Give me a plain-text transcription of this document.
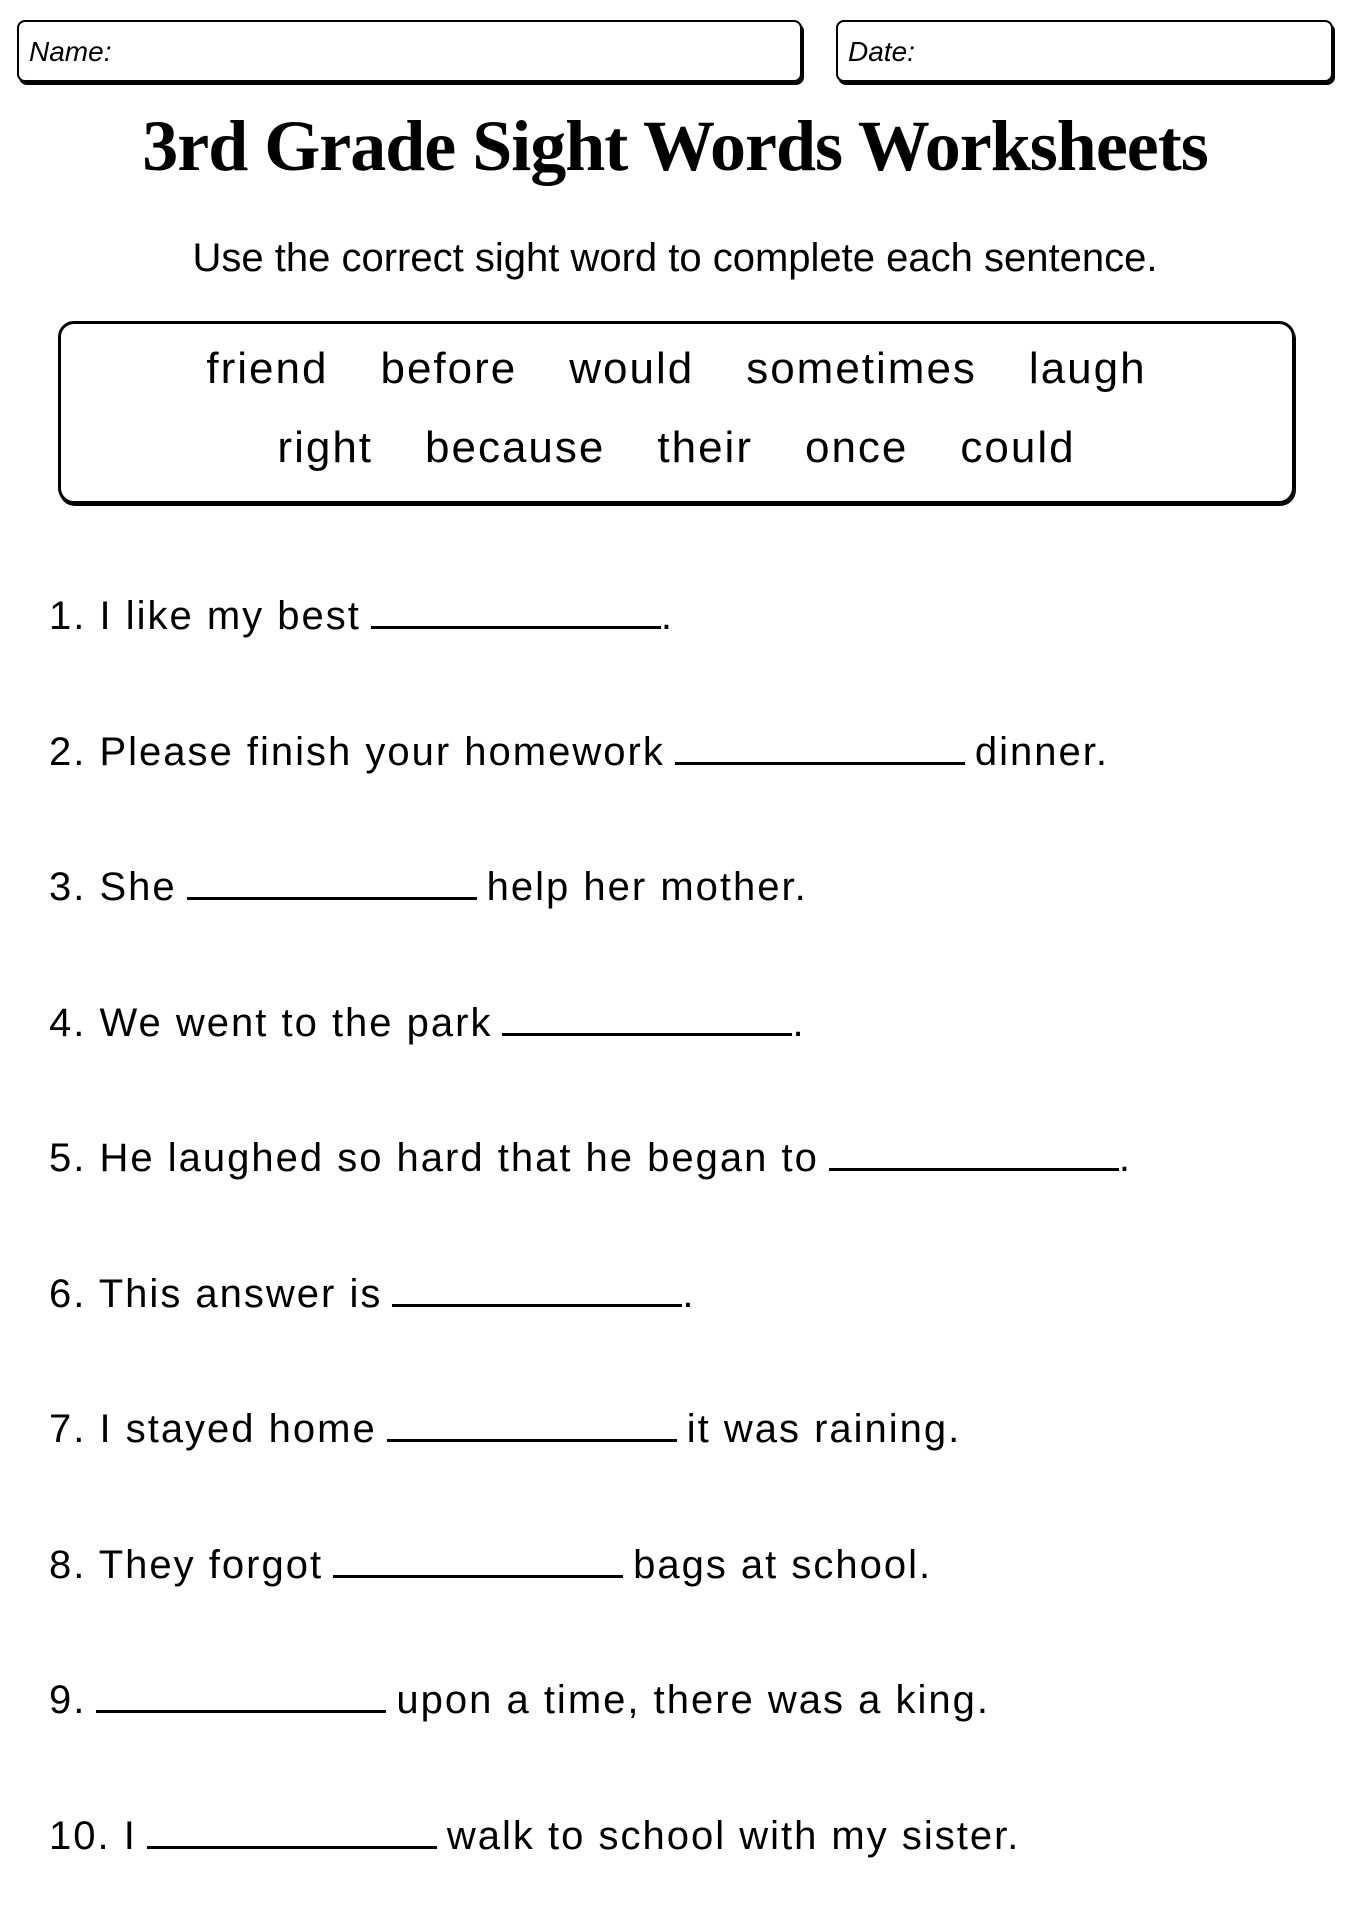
Name:	Date:
3rd Grade Sight Words Worksheets
Use the correct sight word to complete each sentence.
friend before would sometimes laugh
right because their once could
1. I like my best	.
2. Please finish your homework	dinner.
3. She	help her mother.
4. We went to the park	.
5. He laughed so hard that he began to	.
6. This answer is	.
7. I stayed home	it was raining.
8. They forgot	bags at school.
9.	upon a time, there was a king.
10. I	walk to school with my sister.
